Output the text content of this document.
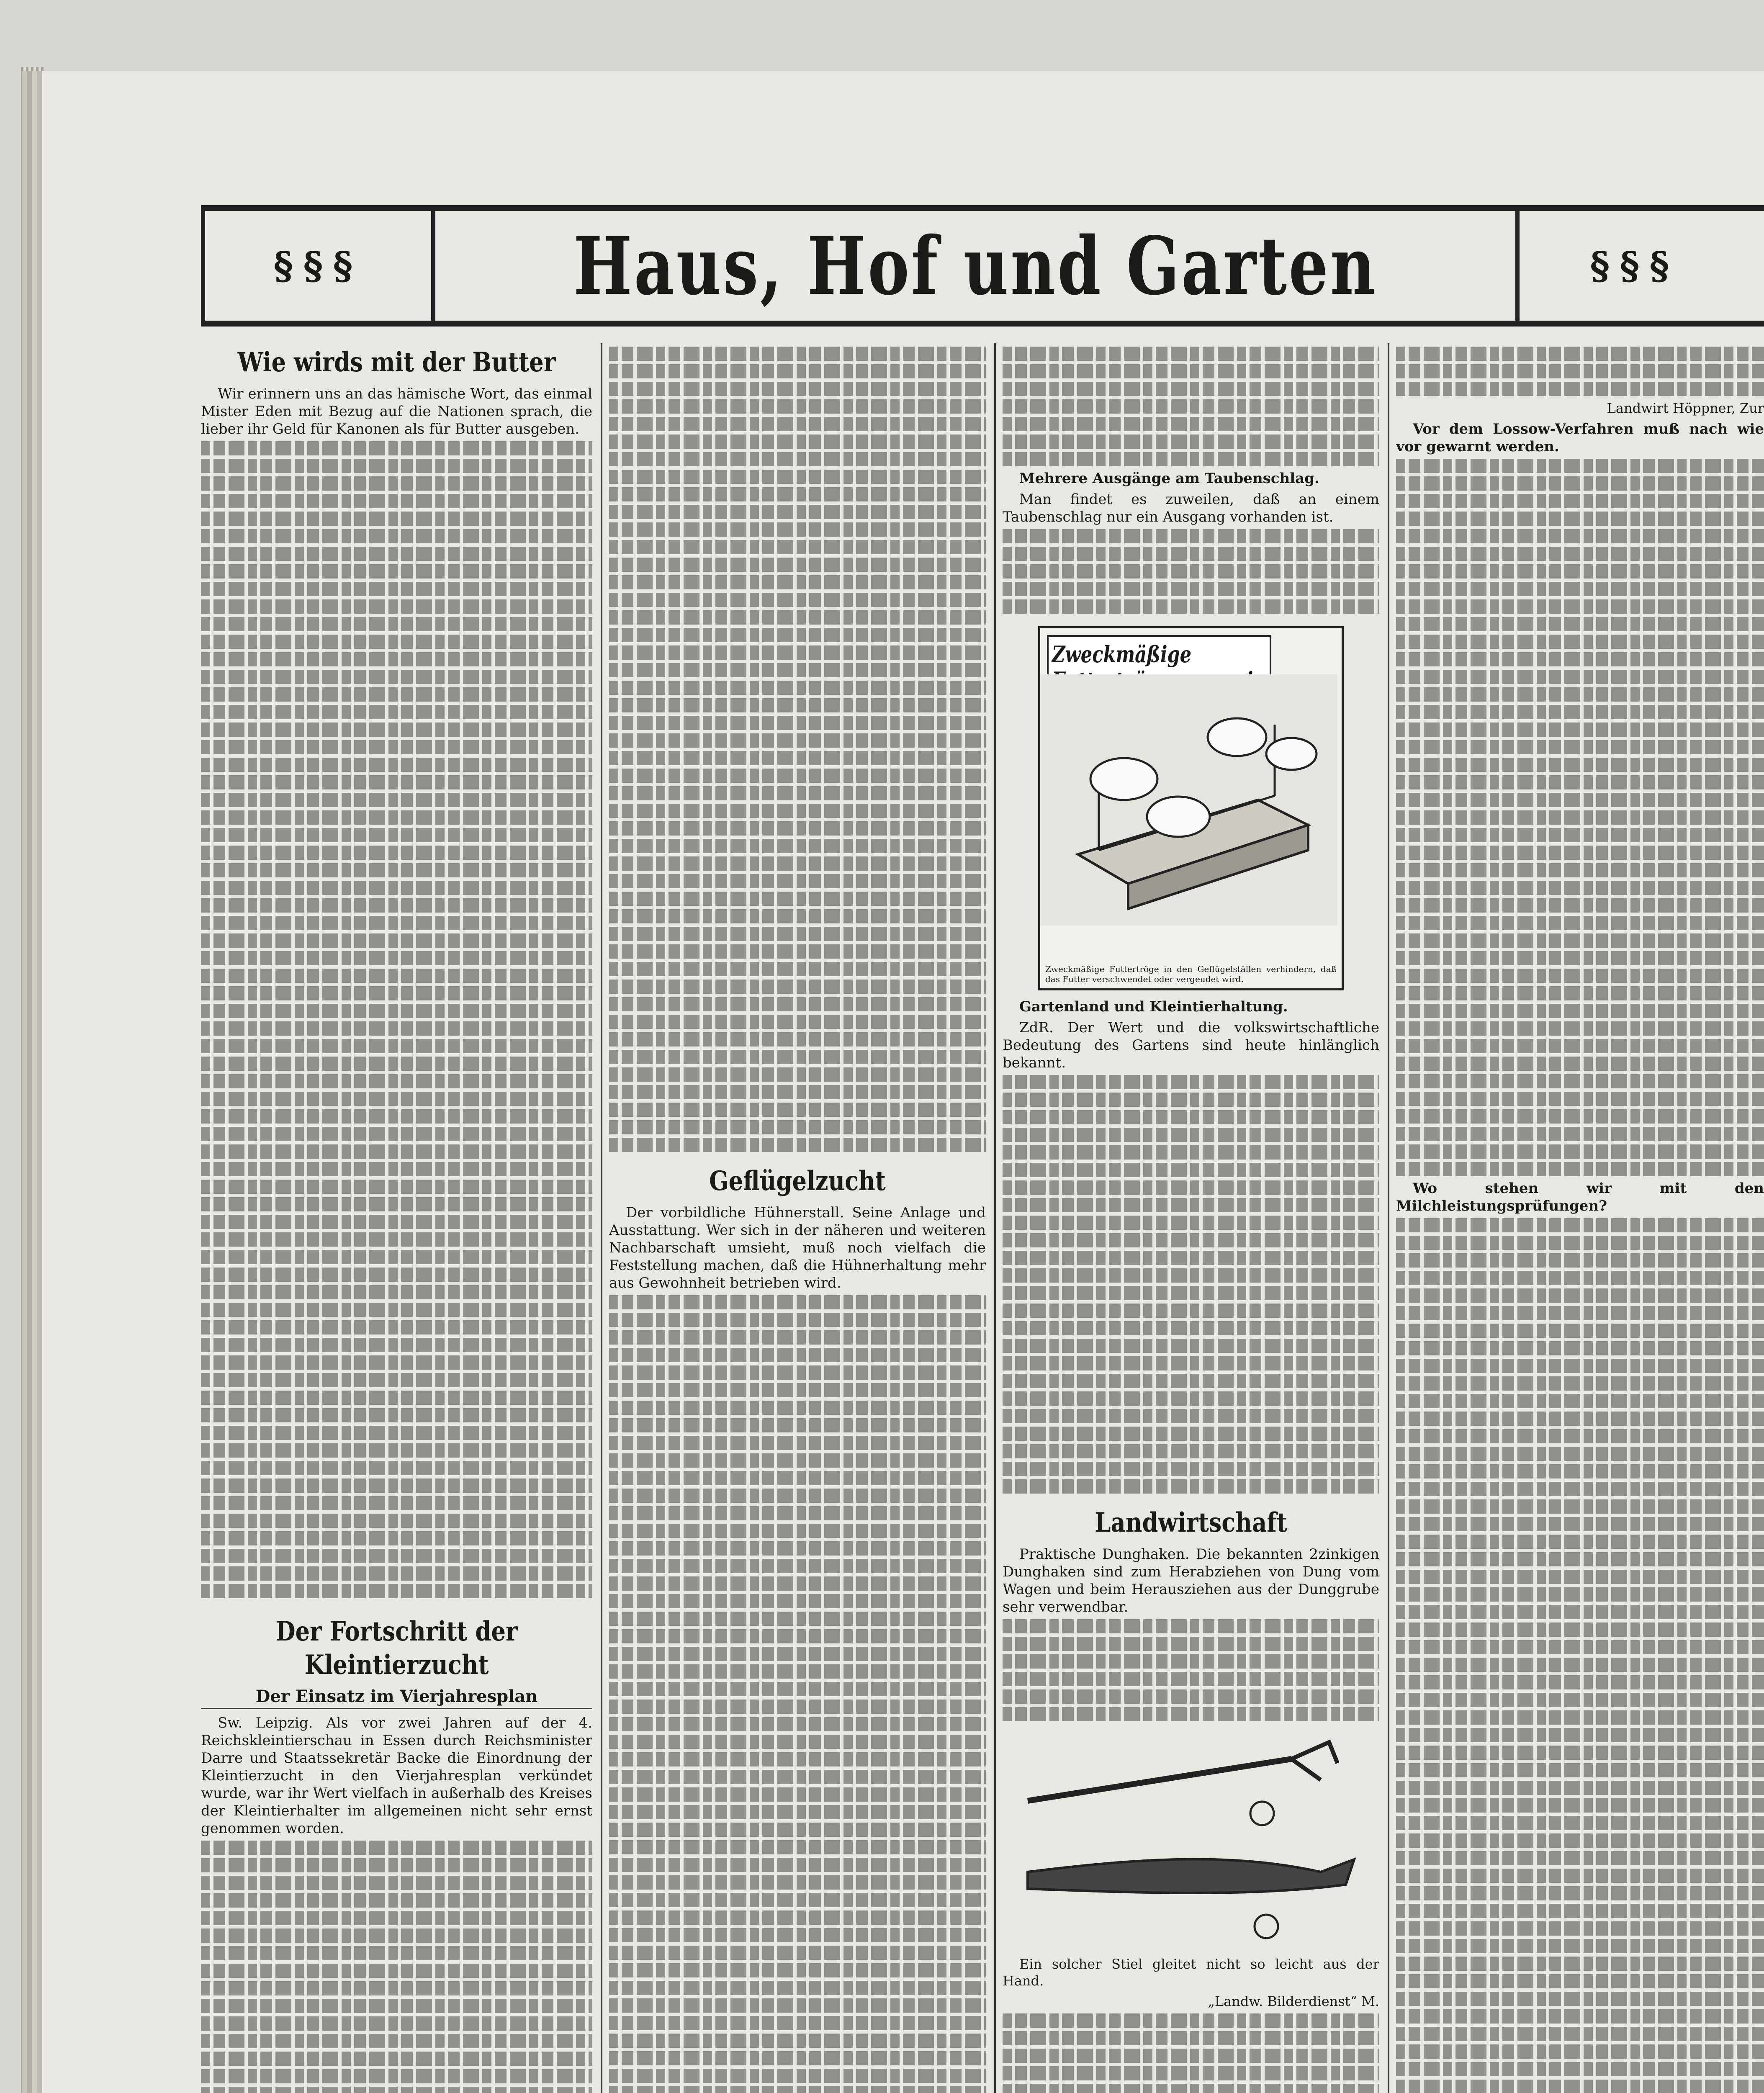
§§§	Haus, Hof und Garten	§§§
Wie wirds mit der Butter

Wir erinnern uns an das hämische Wort, das einmal Mister Eden mit Bezug auf die Nationen sprach, die lieber ihr Geld für Kanonen als für Butter ausgeben.

Der Fortschritt der Kleintierzucht
Der Einsatz im Vierjahresplan

Sw. Leipzig. Als vor zwei Jahren auf der 4. Reichskleintierschau in Essen durch Reichsminister Darre und Staatssekretär Backe die Einordnung der Kleintierzucht in den Vierjahresplan verkündet wurde, war ihr Wert vielfach in außerhalb des Kreises der Kleintierhalter im allgemeinen nicht sehr ernst genommen worden.

Geflügelzucht

Der vorbildliche Hühnerstall. Seine Anlage und Ausstattung. Wer sich in der näheren und weiteren Nachbarschaft umsieht, muß noch vielfach die Feststellung machen, daß die Hühnerhaltung mehr aus Gewohnheit betrieben wird.

Mehrere Ausgänge am Taubenschlag.

Man findet es zuweilen, daß an einem Taubenschlag nur ein Ausgang vorhanden ist.

Zweckmäßige
Zweckmäßige Futtertröge in den Geflügelställen verhindern, daß das Futter verschwendet oder vergeudet wird.

Gartenland und Kleintierhaltung.

ZdR. Der Wert und die volkswirtschaftliche Bedeutung des Gartens sind heute hinlänglich bekannt.

Landwirtschaft

Praktische Dunghaken. Die bekannten 2zinkigen Dunghaken sind zum Herabziehen von Dung vom Wagen und beim Herausziehen aus der Dunggrube sehr verwendbar.

Ein solcher Stiel gleitet nicht so leicht aus der Hand.

„Landw. Bilderdienst“ M.

Landwirt Höppner, Zur

Vor dem Lossow-Verfahren muß nach wie vor gewarnt werden.

Wo stehen wir mit den Milchleistungsprüfungen?
